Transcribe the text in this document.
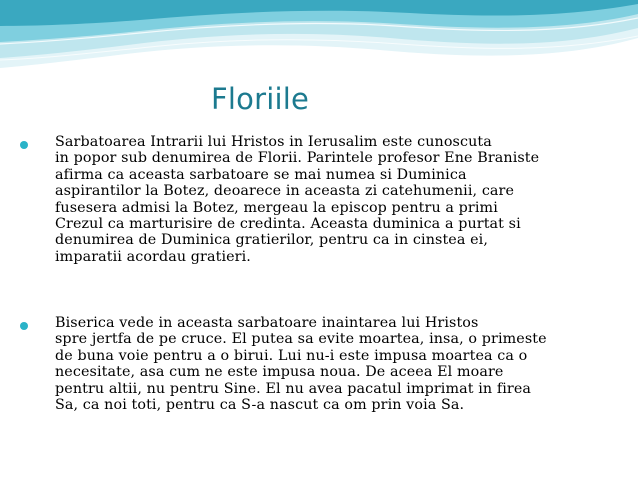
Floriile
Sarbatoarea Intrarii lui Hristos in Ierusalim este cunoscuta
in popor sub denumirea de Florii. Parintele profesor Ene Braniste
afirma ca aceasta sarbatoare se mai numea si Duminica
aspirantilor la Botez, deoarece in aceasta zi catehumenii, care
fusesera admisi la Botez, mergeau la episcop pentru a primi
Crezul ca marturisire de credinta. Aceasta duminica a purtat si
denumirea de Duminica gratierilor, pentru ca in cinstea ei,
imparatii acordau gratieri.
Biserica vede in aceasta sarbatoare inaintarea lui Hristos
spre jertfa de pe cruce. El putea sa evite moartea, insa, o primeste
de buna voie pentru a o birui. Lui nu-i este impusa moartea ca o
necesitate, asa cum ne este impusa noua. De aceea El moare
pentru altii, nu pentru Sine. El nu avea pacatul imprimat in firea
Sa, ca noi toti, pentru ca S-a nascut ca om prin voia Sa.
